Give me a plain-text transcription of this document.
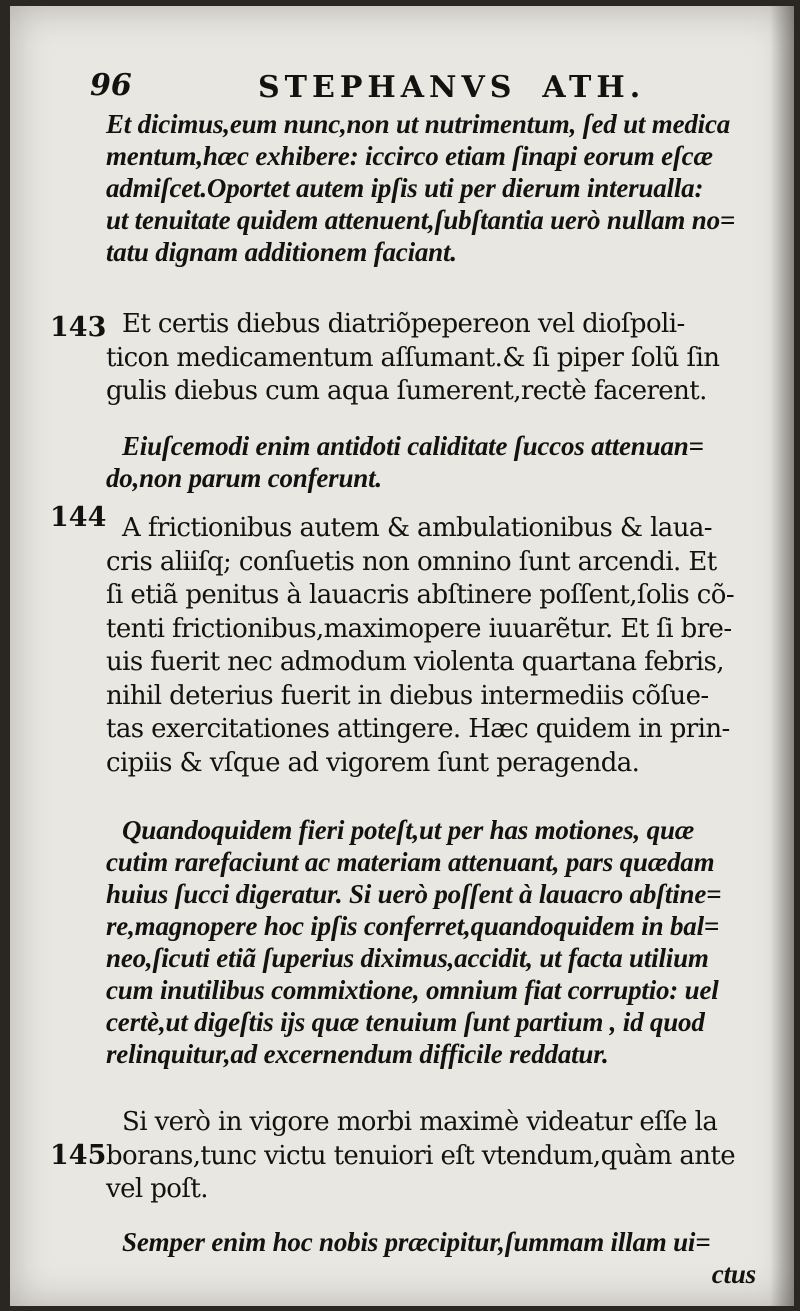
96	STEPHANVS ATH.
Et dicimus,eum nunc,non ut nutrimentum, ſed ut medica
mentum,hæc exhibere: iccirco etiam ſinapi eorum eſcæ
admiſcet.Oportet autem ipſis uti per dierum interualla:
ut tenuitate quidem attenuent,ſubſtantia uerò nullam no=
tatu dignam additionem faciant.
143 Et certis diebus diatriõpepereon vel dioſpoli-
ticon medicamentum aſſumant.& ſi piper ſolũ ſin
gulis diebus cum aqua ſumerent,rectè facerent.
Eiuſcemodi enim antidoti caliditate ſuccos attenuan=
do,non parum conferunt.
144 A frictionibus autem & ambulationibus & laua-
cris aliiſq; conſuetis non omnino ſunt arcendi. Et
ſi etiã penitus à lauacris abſtinere poſſent,ſolis cõ-
tenti frictionibus,maximopere iuuarẽtur. Et ſi bre-
uis fuerit nec admodum violenta quartana febris,
nihil deterius fuerit in diebus intermediis cõſue-
tas exercitationes attingere. Hæc quidem in prin-
cipiis & vſque ad vigorem ſunt peragenda.
Quandoquidem fieri poteſt,ut per has motiones, quæ
cutim rarefaciunt ac materiam attenuant, pars quædam
huius ſucci digeratur. Si uerò poſſent à lauacro abſtine=
re,magnopere hoc ipſis conferret,quandoquidem in bal=
neo,ſicuti etiã ſuperius diximus,accidit, ut facta utilium
cum inutilibus commixtione, omnium fiat corruptio: uel
certè,ut digeſtis iјs quæ tenuium ſunt partium , id quod
relinquitur,ad excernendum difficile reddatur.
145
Si verò in vigore morbi maximè videatur eſſe la
borans,tunc victu tenuiori eſt vtendum,quàm ante
vel poſt.
Semper enim hoc nobis præcipitur,ſummam illam ui=
ctus
